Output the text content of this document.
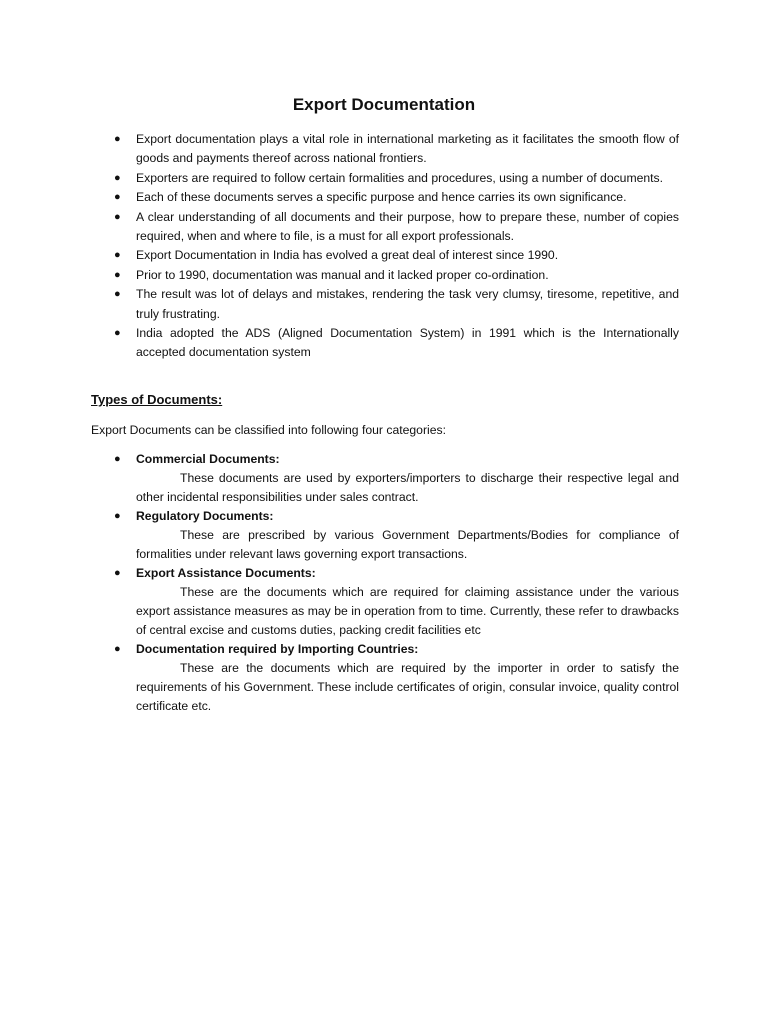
Export Documentation
● Export documentation plays a vital role in international marketing as it facilitates the smooth flow of goods and payments thereof across national frontiers.
● Exporters are required to follow certain formalities and procedures, using a number of documents.
● Each of these documents serves a specific purpose and hence carries its own significance.
● A clear understanding of all documents and their purpose, how to prepare these, number of copies required, when and where to file, is a must for all export professionals.
● Export Documentation in India has evolved a great deal of interest since 1990.
● Prior to 1990, documentation was manual and it lacked proper co-ordination.
● The result was lot of delays and mistakes, rendering the task very clumsy, tiresome, repetitive, and truly frustrating.
● India adopted the ADS (Aligned Documentation System) in 1991 which is the Internationally accepted documentation system
Types of Documents:
Export Documents can be classified into following four categories:
● Commercial Documents:
These documents are used by exporters/importers to discharge their respective legal and other incidental responsibilities under sales contract.
● Regulatory Documents:
These are prescribed by various Government Departments/Bodies for compliance of formalities under relevant laws governing export transactions.
● Export Assistance Documents:
These are the documents which are required for claiming assistance under the various export assistance measures as may be in operation from to time. Currently, these refer to drawbacks of central excise and customs duties, packing credit facilities etc
● Documentation required by Importing Countries:
These are the documents which are required by the importer in order to satisfy the requirements of his Government. These include certificates of origin, consular invoice, quality control certificate etc.
